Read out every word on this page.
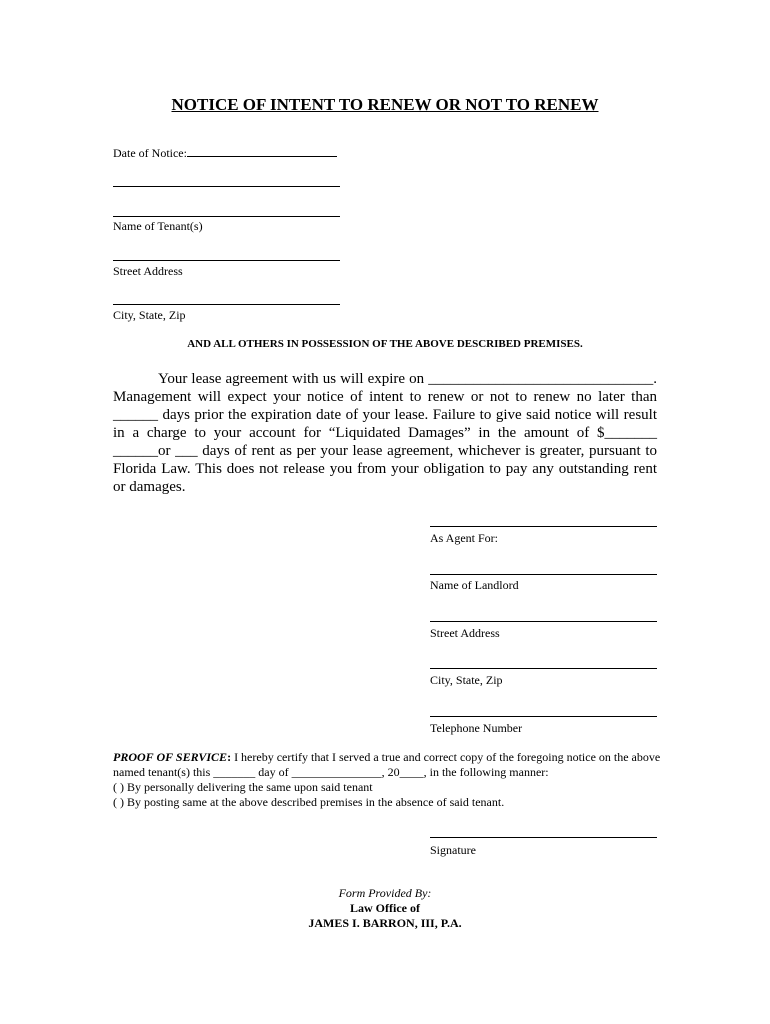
NOTICE OF INTENT TO RENEW OR NOT TO RENEW
Date of Notice:
Name of Tenant(s)
Street Address
City, State, Zip
AND ALL OTHERS IN POSSESSION OF THE ABOVE DESCRIBED PREMISES.
Your lease agreement with us will expire on ______________________________. Management will expect your notice of intent to renew or not to renew no later than ______ days prior the expiration date of your lease. Failure to give said notice will result in a charge to your account for “Liquidated Damages” in the amount of $_______ ______or ___ days of rent as per your lease agreement, whichever is greater, pursuant to Florida Law. This does not release you from your obligation to pay any outstanding rent or damages.
As Agent For:
Name of Landlord
Street Address
City, State, Zip
Telephone Number
PROOF OF SERVICE: I hereby certify that I served a true and correct copy of the foregoing notice on the above named tenant(s) this _______ day of _______________, 20____, in the following manner:
( ) By personally delivering the same upon said tenant
( ) By posting same at the above described premises in the absence of said tenant.
Signature
Form Provided By:
Law Office of
JAMES I. BARRON, III, P.A.
